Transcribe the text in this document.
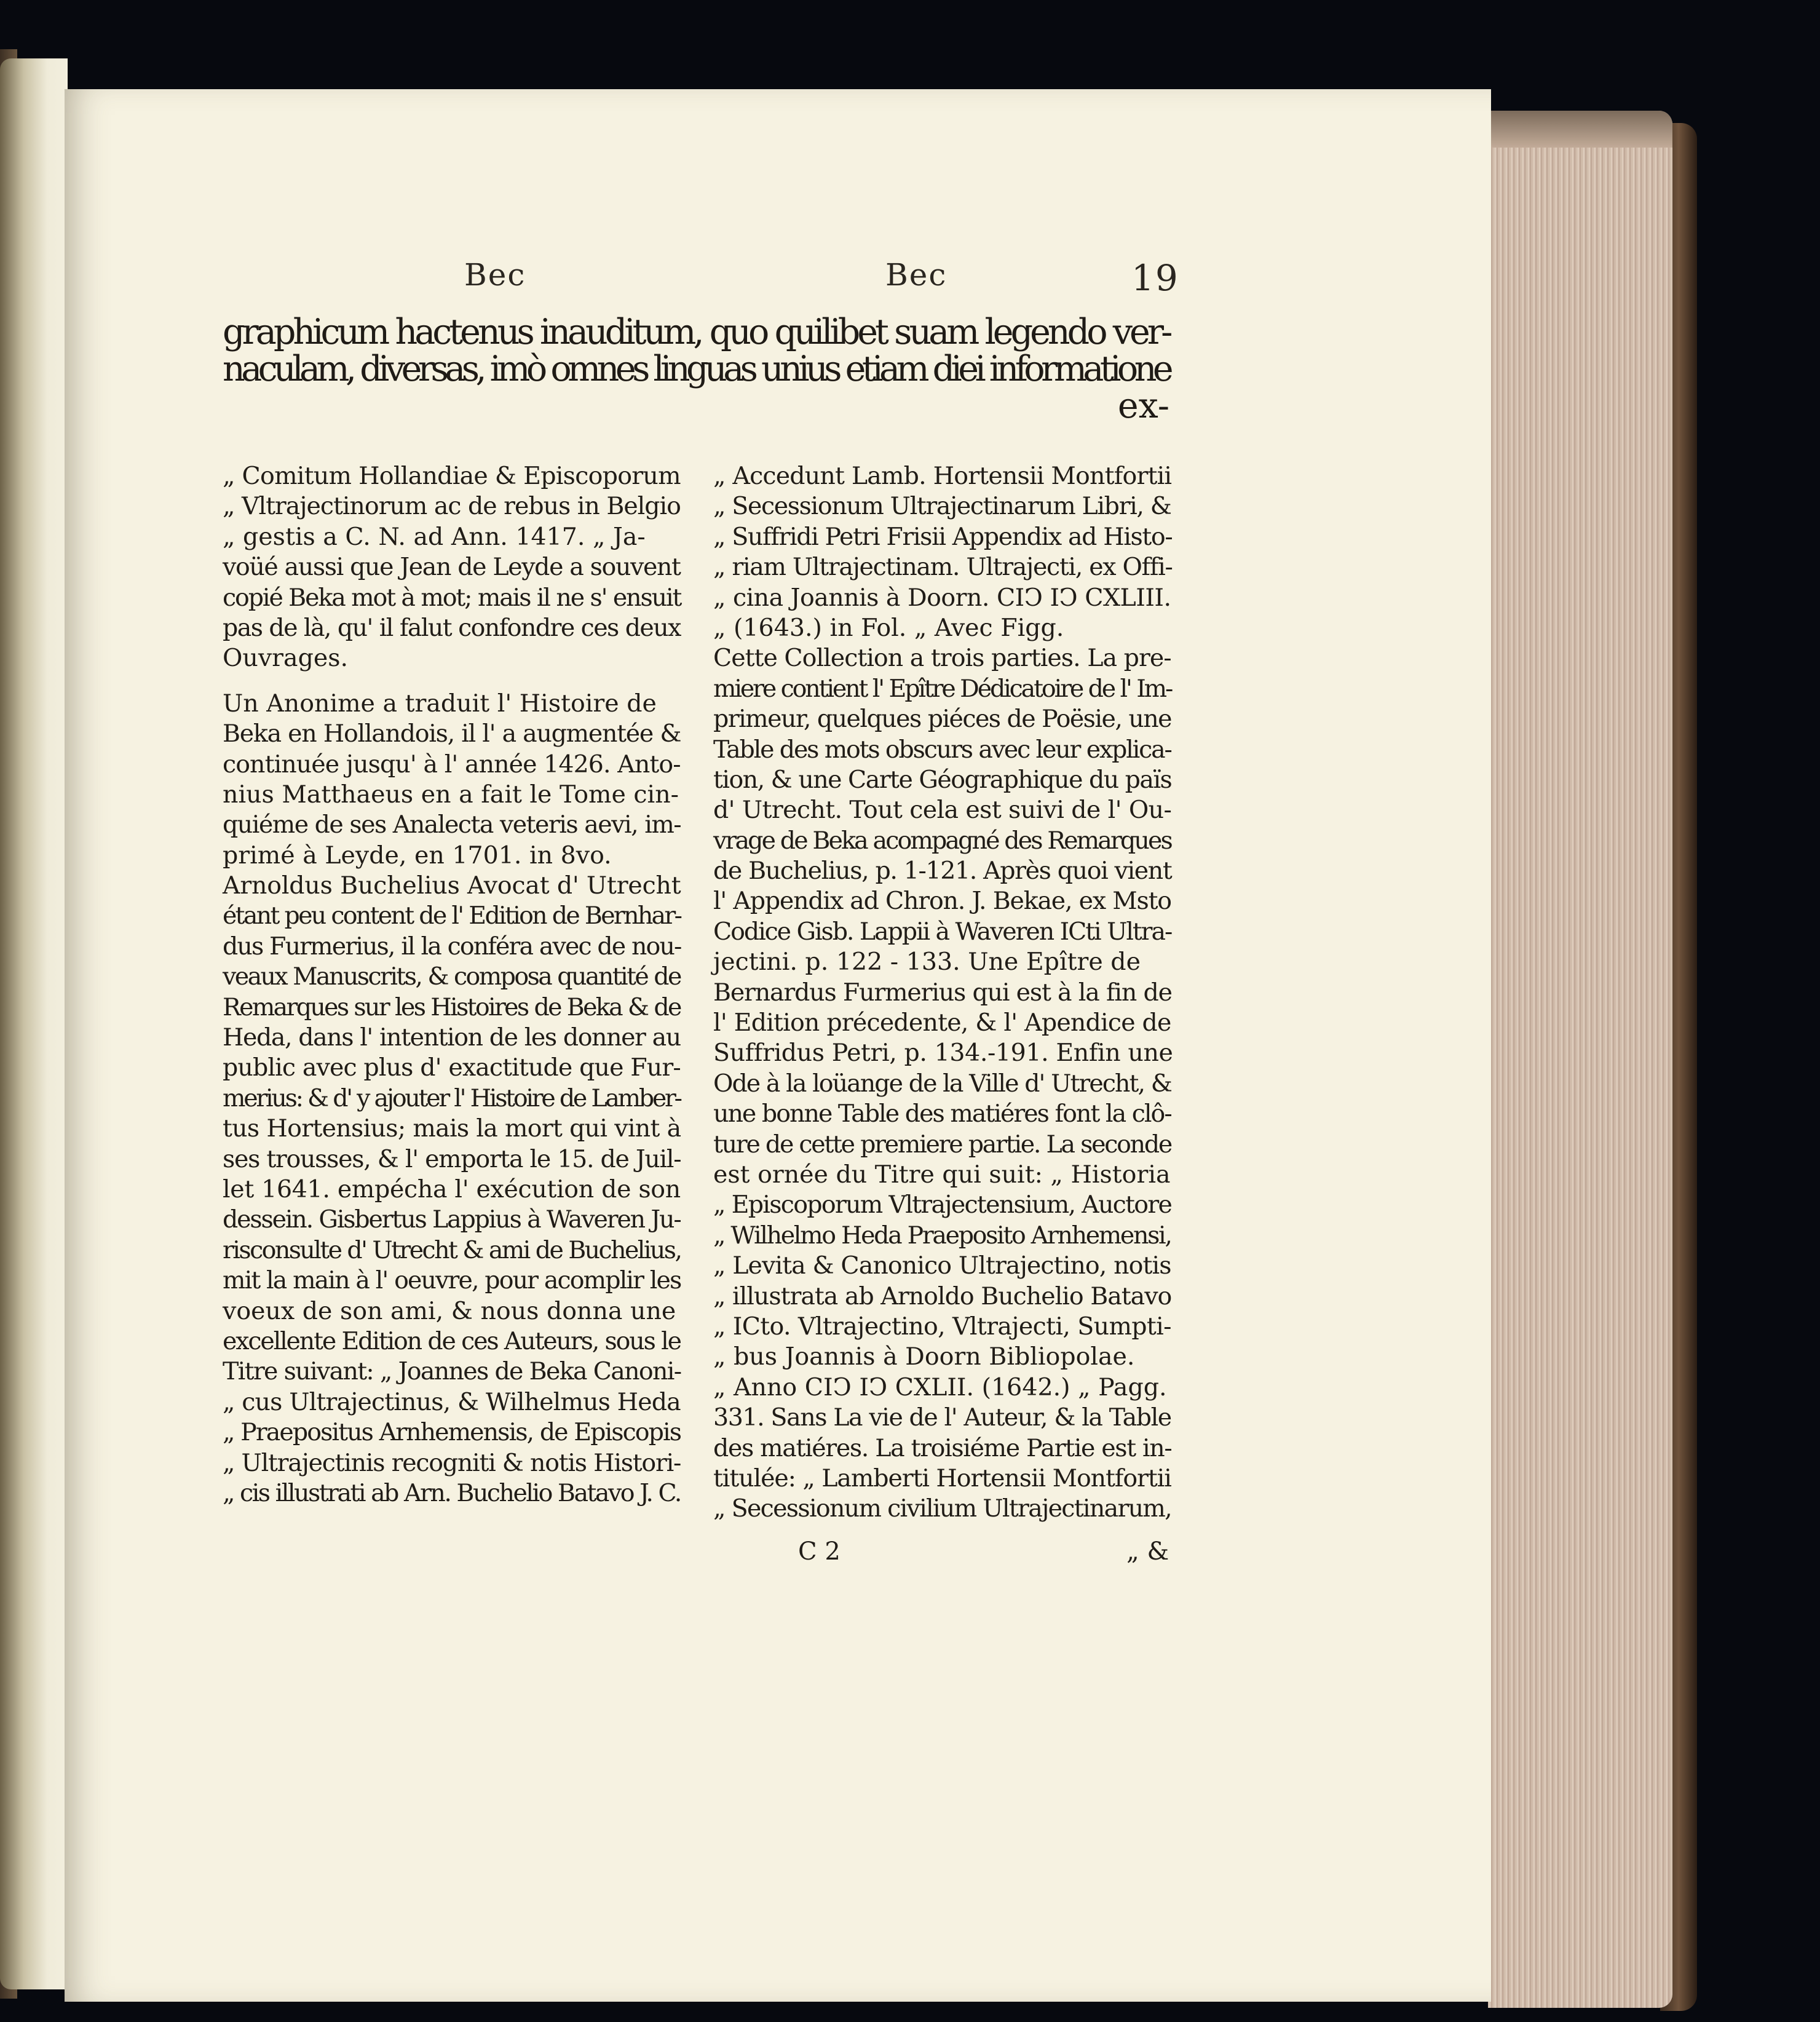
Bec	Bec	19
graphicum hactenus inauditum, quo quilibet suam legendo ver-
naculam, diversas, imò omnes linguas unius etiam diei informatione
ex-
„ Comitum Hollandiae & Episcoporum
„ Vltrajectinorum ac de rebus in Belgio
„ gestis a C. N. ad Ann. 1417. „ Ja-
voüé aussi que Jean de Leyde a souvent
copié Beka mot à mot; mais il ne s' ensuit
pas de là, qu' il falut confondre ces deux
Ouvrages.
Un Anonime a traduit l' Histoire de
Beka en Hollandois, il l' a augmentée &
continuée jusqu' à l' année 1426. Anto-
nius Matthaeus en a fait le Tome cin-
quiéme de ses Analecta veteris aevi, im-
primé à Leyde, en 1701. in 8vo.
Arnoldus Buchelius Avocat d' Utrecht
étant peu content de l' Edition de Bernhar-
dus Furmerius, il la conféra avec de nou-
veaux Manuscrits, & composa quantité de
Remarques sur les Histoires de Beka & de
Heda, dans l' intention de les donner au
public avec plus d' exactitude que Fur-
merius: & d' y ajouter l' Histoire de Lamber-
tus Hortensius; mais la mort qui vint à
ses trousses, & l' emporta le 15. de Juil-
let 1641. empécha l' exécution de son
dessein. Gisbertus Lappius à Waveren Ju-
risconsulte d' Utrecht & ami de Buchelius,
mit la main à l' oeuvre, pour acomplir les
voeux de son ami, & nous donna une
excellente Edition de ces Auteurs, sous le
Titre suivant: „ Joannes de Beka Canoni-
„ cus Ultrajectinus, & Wilhelmus Heda
„ Praepositus Arnhemensis, de Episcopis
„ Ultrajectinis recogniti & notis Histori-
„ cis illustrati ab Arn. Buchelio Batavo J. C.
„ Accedunt Lamb. Hortensii Montfortii
„ Secessionum Ultrajectinarum Libri, &
„ Suffridi Petri Frisii Appendix ad Histo-
„ riam Ultrajectinam. Ultrajecti, ex Offi-
„ cina Joannis à Doorn. CIↃ IↃ CXLIII.
„ (1643.) in Fol. „ Avec Figg.
Cette Collection a trois parties. La pre-
miere contient l' Epître Dédicatoire de l' Im-
primeur, quelques piéces de Poësie, une
Table des mots obscurs avec leur explica-
tion, & une Carte Géographique du païs
d' Utrecht. Tout cela est suivi de l' Ou-
vrage de Beka acompagné des Remarques
de Buchelius, p. 1-121. Après quoi vient
l' Appendix ad Chron. J. Bekae, ex Msto
Codice Gisb. Lappii à Waveren ICti Ultra-
jectini. p. 122 - 133. Une Epître de
Bernardus Furmerius qui est à la fin de
l' Edition précedente, & l' Apendice de
Suffridus Petri, p. 134.-191. Enfin une
Ode à la loüange de la Ville d' Utrecht, &
une bonne Table des matiéres font la clô-
ture de cette premiere partie. La seconde
est ornée du Titre qui suit: „ Historia
„ Episcoporum Vltrajectensium, Auctore
„ Wilhelmo Heda Praeposito Arnhemensi,
„ Levita & Canonico Ultrajectino, notis
„ illustrata ab Arnoldo Buchelio Batavo
„ ICto. Vltrajectino, Vltrajecti, Sumpti-
„ bus Joannis à Doorn Bibliopolae.
„ Anno CIↃ IↃ CXLII. (1642.) „ Pagg.
331. Sans La vie de l' Auteur, & la Table
des matiéres. La troisiéme Partie est in-
titulée: „ Lamberti Hortensii Montfortii
„ Secessionum civilium Ultrajectinarum,
C 2	„ &
